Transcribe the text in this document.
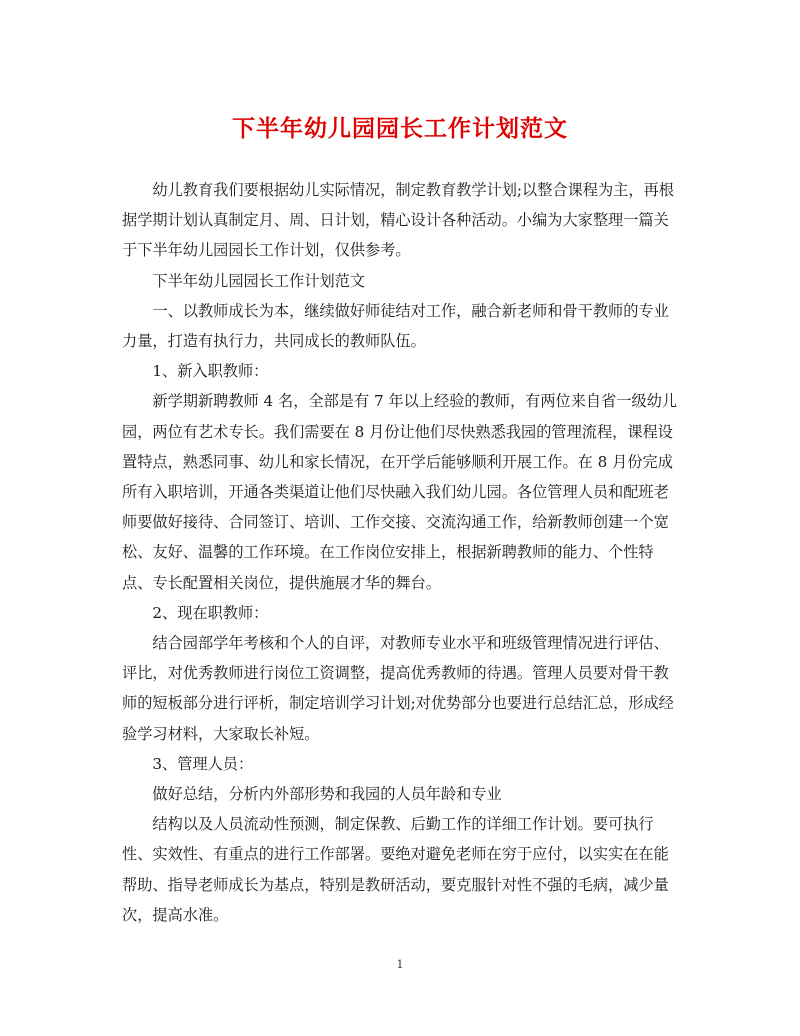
下半年幼儿园园长工作计划范文

幼儿教育我们要根据幼儿实际情况，制定教育教学计划;以整合课程为主，再根据学期计划认真制定月、周、日计划，精心设计各种活动。小编为大家整理一篇关于下半年幼儿园园长工作计划，仅供参考。

下半年幼儿园园长工作计划范文

一、以教师成长为本，继续做好师徒结对工作，融合新老师和骨干教师的专业力量，打造有执行力，共同成长的教师队伍。

1、新入职教师：

新学期新聘教师 4 名，全部是有 7 年以上经验的教师，有两位来自省一级幼儿园，两位有艺术专长。我们需要在 8 月份让他们尽快熟悉我园的管理流程，课程设置特点，熟悉同事、幼儿和家长情况，在开学后能够顺利开展工作。在 8 月份完成所有入职培训，开通各类渠道让他们尽快融入我们幼儿园。各位管理人员和配班老师要做好接待、合同签订、培训、工作交接、交流沟通工作，给新教师创建一个宽松、友好、温馨的工作环境。在工作岗位安排上，根据新聘教师的能力、个性特点、专长配置相关岗位，提供施展才华的舞台。

2、现在职教师：

结合园部学年考核和个人的自评，对教师专业水平和班级管理情况进行评估、评比，对优秀教师进行岗位工资调整，提高优秀教师的待遇。管理人员要对骨干教师的短板部分进行评析，制定培训学习计划;对优势部分也要进行总结汇总，形成经验学习材料，大家取长补短。

3、管理人员：

做好总结，分析内外部形势和我园的人员年龄和专业

结构以及人员流动性预测，制定保教、后勤工作的详细工作计划。要可执行性、实效性、有重点的进行工作部署。要绝对避免老师在穷于应付，以实实在在能帮助、指导老师成长为基点，特别是教研活动，要克服针对性不强的毛病，减少量次，提高水准。

1
